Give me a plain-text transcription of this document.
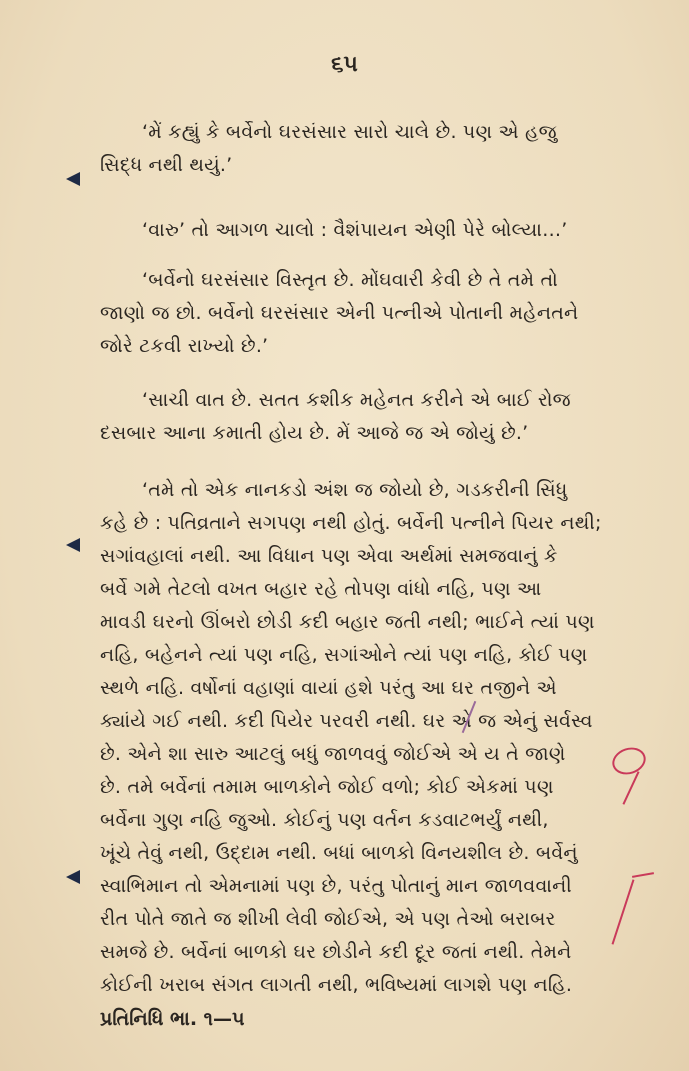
૬૫
‘મેં કહ્યું કે બર્વેનો ઘરસંસાર સારો ચાલે છે. પણ એ હજુ
સિદ્ધ નથી થયું.’
‘વારુ’ તો આગળ ચાલો : વૈશંપાયન એણી પેરે બોલ્યા…’
‘બર્વેનો ઘરસંસાર વિસ્તૃત છે. મોંઘવારી કેવી છે તે તમે તો
જાણો જ છો. બર્વેનો ઘરસંસાર એની પત્નીએ પોતાની મહેનતને
જોરે ટકવી રાખ્યો છે.’
‘સાચી વાત છે. સતત કશીક મહેનત કરીને એ બાઈ રોજ
દસબાર આના કમાતી હોય છે. મેં આજે જ એ જોયું છે.’
‘તમે તો એક નાનકડો અંશ જ જોયો છે, ગડકરીની સિંધુ
કહે છે : પતિવ્રતાને સગપણ નથી હોતું. બર્વેની પત્નીને પિયર નથી;
સગાંવહાલાં નથી. આ વિધાન પણ એવા અર્થમાં સમજવાનું કે
બર્વે ગમે તેટલો વખત બહાર રહે તોપણ વાંધો નહિ, પણ આ
માવડી ઘરનો ઊંબરો છોડી કદી બહાર જતી નથી; ભાઈને ત્યાં પણ
નહિ, બહેનને ત્યાં પણ નહિ, સગાંઓને ત્યાં પણ નહિ, કોઈ પણ
સ્થળે નહિ. વર્ષોનાં વહાણાં વાયાં હશે પરંતુ આ ઘર તજીને એ
ક્યાંયે ગઈ નથી. કદી પિયેર પરવરી નથી. ઘર એ જ એનું સર્વસ્વ
છે. એને શા સારુ આટલું બધું જાળવવું જોઈએ એ ય તે જાણે
છે. તમે બર્વેનાં તમામ બાળકોને જોઈ વળો; કોઈ એકમાં પણ
બર્વેના ગુણ નહિ જુઓ. કોઈનું પણ વર્તન કડવાટભર્યું નથી,
ખૂંચે તેવું નથી, ઉદ્દામ નથી. બધાં બાળકો વિનયશીલ છે. બર્વેનું
સ્વાભિમાન તો એમનામાં પણ છે, પરંતુ પોતાનું માન જાળવવાની
રીત પોતે જાતે જ શીખી લેવી જોઈએ, એ પણ તેઓ બરાબર
સમજે છે. બર્વેનાં બાળકો ઘર છોડીને કદી દૂર જતાં નથી. તેમને
કોઈની ખરાબ સંગત લાગતી નથી, ભવિષ્યમાં લાગશે પણ નહિ.
પ્રતિનિધિ ભા. ૧—૫
